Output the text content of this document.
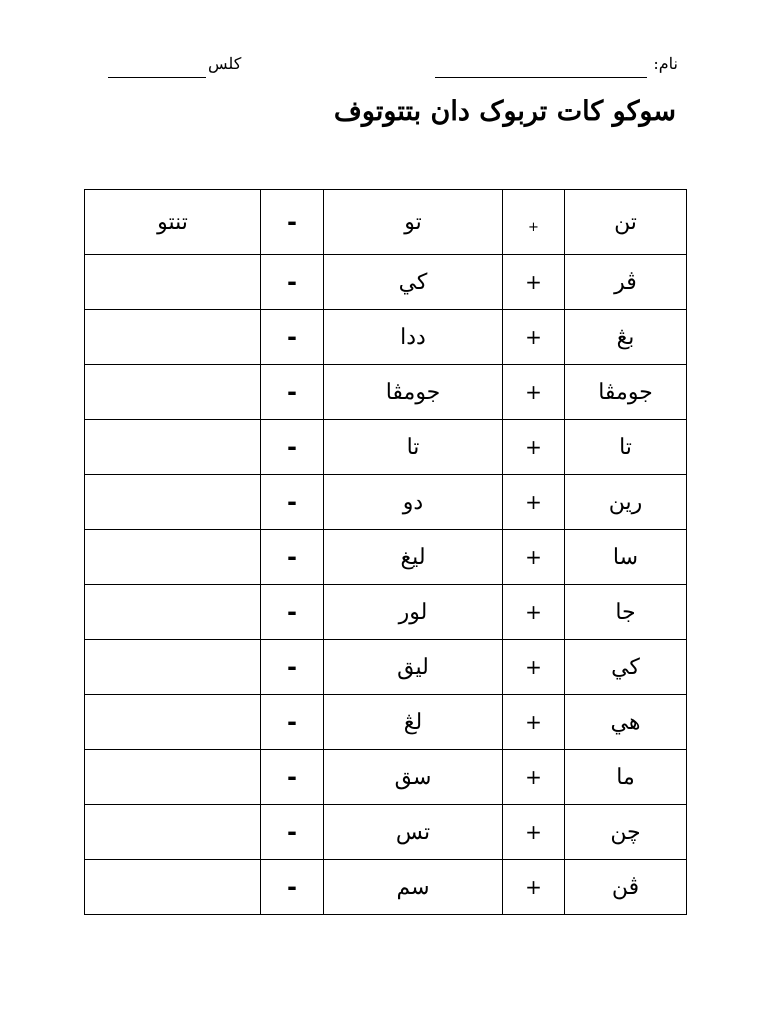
نام:
کلس
سوکو کات تربوک دان بتتوتوف
تنتو	-	تو	+	تن
	-	كي	+	ڤر
	-	ددا	+	بڠ
	-	جومڤا	+	جومڤا
	-	تا	+	تا
	-	دو	+	رين
	-	ليغ	+	سا
	-	لور	+	جا
	-	ليق	+	كي
	-	لڠ	+	هي
	-	سق	+	ما
	-	تس	+	چن
	-	سم	+	ڤن
